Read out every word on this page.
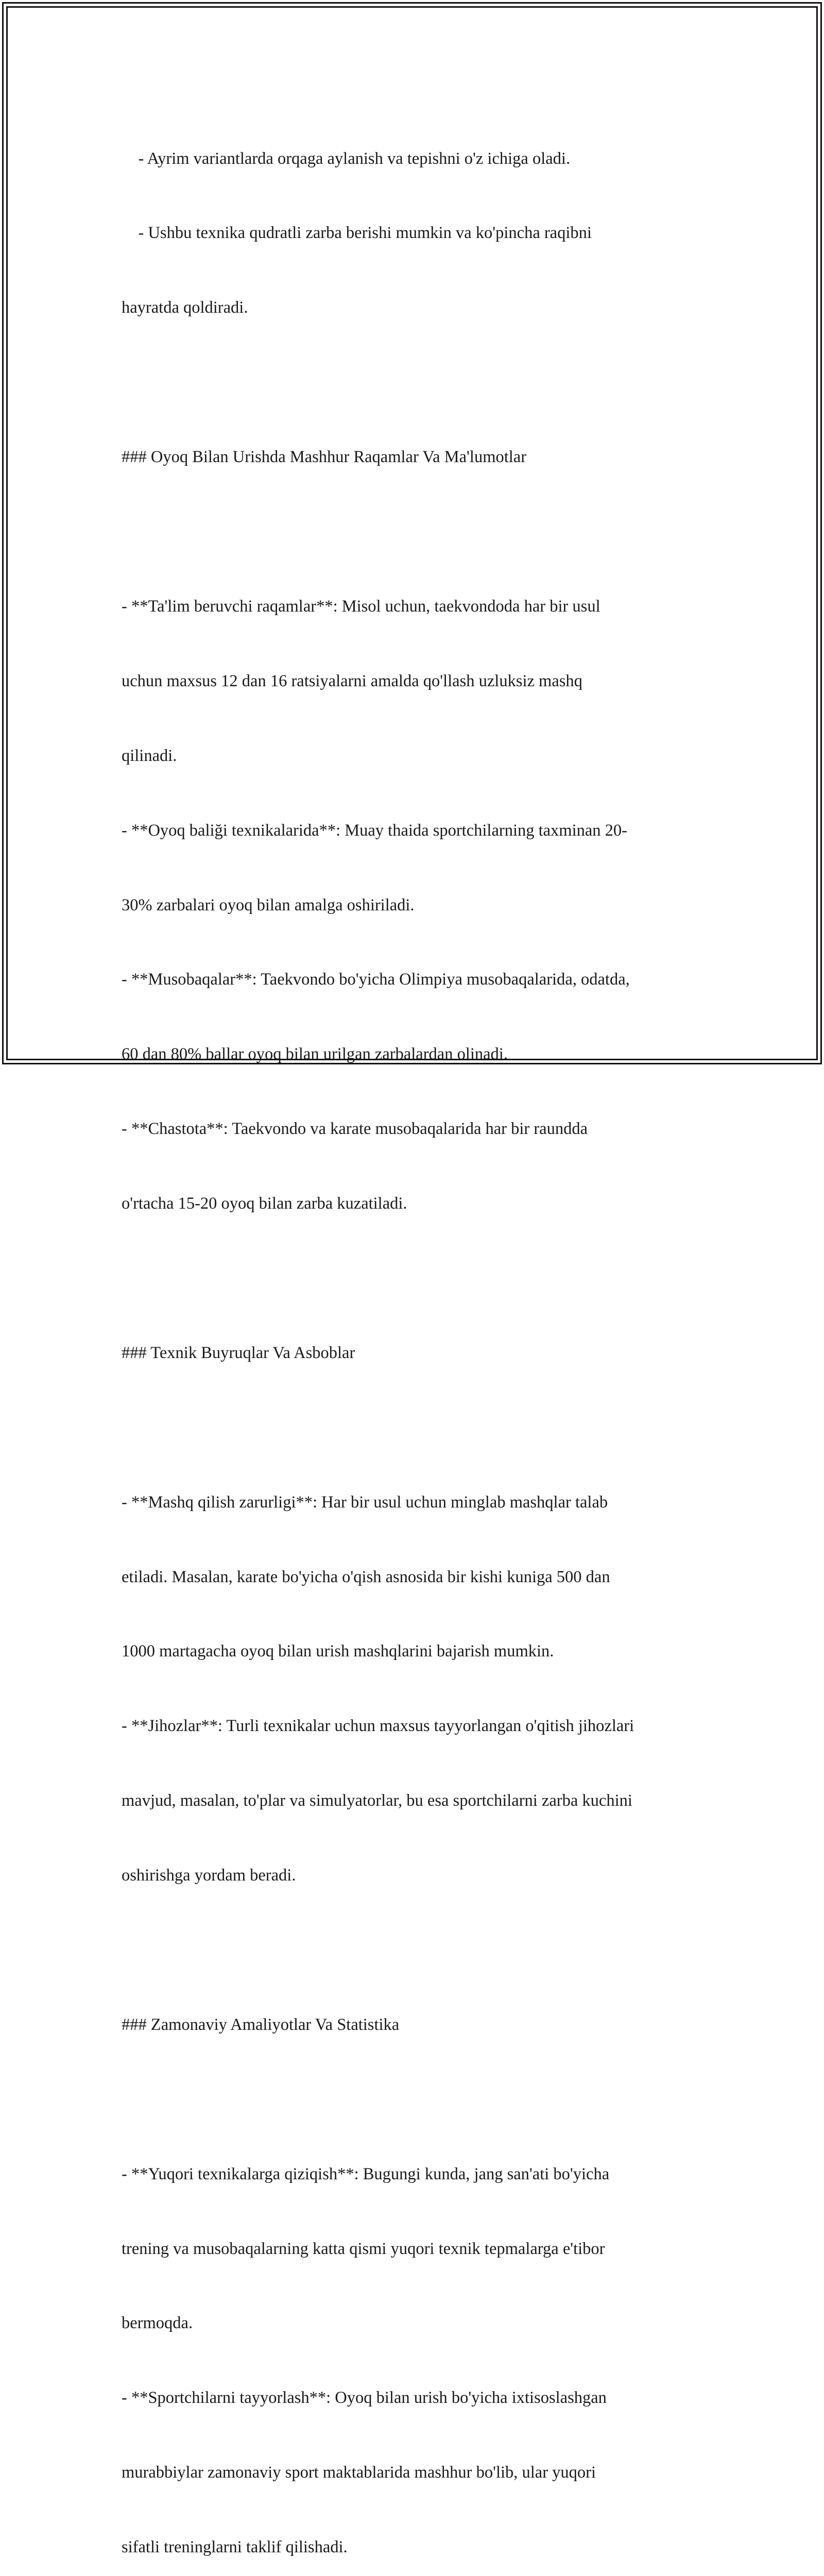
- Ayrim variantlarda orqaga aylanish va tepishni o'z ichiga oladi.

- Ushbu texnika qudratli zarba berishi mumkin va ko'pincha raqibni

hayratda qoldiradi.

### Oyoq Bilan Urishda Mashhur Raqamlar Va Ma'lumotlar

- **Ta'lim beruvchi raqamlar**: Misol uchun, taekvondoda har bir usul

uchun maxsus 12 dan 16 ratsiyalarni amalda qo'llash uzluksiz mashq

qilinadi.

- **Oyoq baliği texnikalarida**: Muay thaida sportchilarning taxminan 20-

30% zarbalari oyoq bilan amalga oshiriladi.

- **Musobaqalar**: Taekvondo bo'yicha Olimpiya musobaqalarida, odatda,

60 dan 80% ballar oyoq bilan urilgan zarbalardan olinadi.

- **Chastota**: Taekvondo va karate musobaqalarida har bir raundda

o'rtacha 15-20 oyoq bilan zarba kuzatiladi.

### Texnik Buyruqlar Va Asboblar

- **Mashq qilish zarurligi**: Har bir usul uchun minglab mashqlar talab

etiladi. Masalan, karate bo'yicha o'qish asnosida bir kishi kuniga 500 dan

1000 martagacha oyoq bilan urish mashqlarini bajarish mumkin.

- **Jihozlar**: Turli texnikalar uchun maxsus tayyorlangan o'qitish jihozlari

mavjud, masalan, to'plar va simulyatorlar, bu esa sportchilarni zarba kuchini

oshirishga yordam beradi.

### Zamonaviy Amaliyotlar Va Statistika

- **Yuqori texnikalarga qiziqish**: Bugungi kunda, jang san'ati bo'yicha

trening va musobaqalarning katta qismi yuqori texnik tepmalarga e'tibor

bermoqda.

- **Sportchilarni tayyorlash**: Oyoq bilan urish bo'yicha ixtisoslashgan

murabbiylar zamonaviy sport maktablarida mashhur bo'lib, ular yuqori

sifatli treninglarni taklif qilishadi.
